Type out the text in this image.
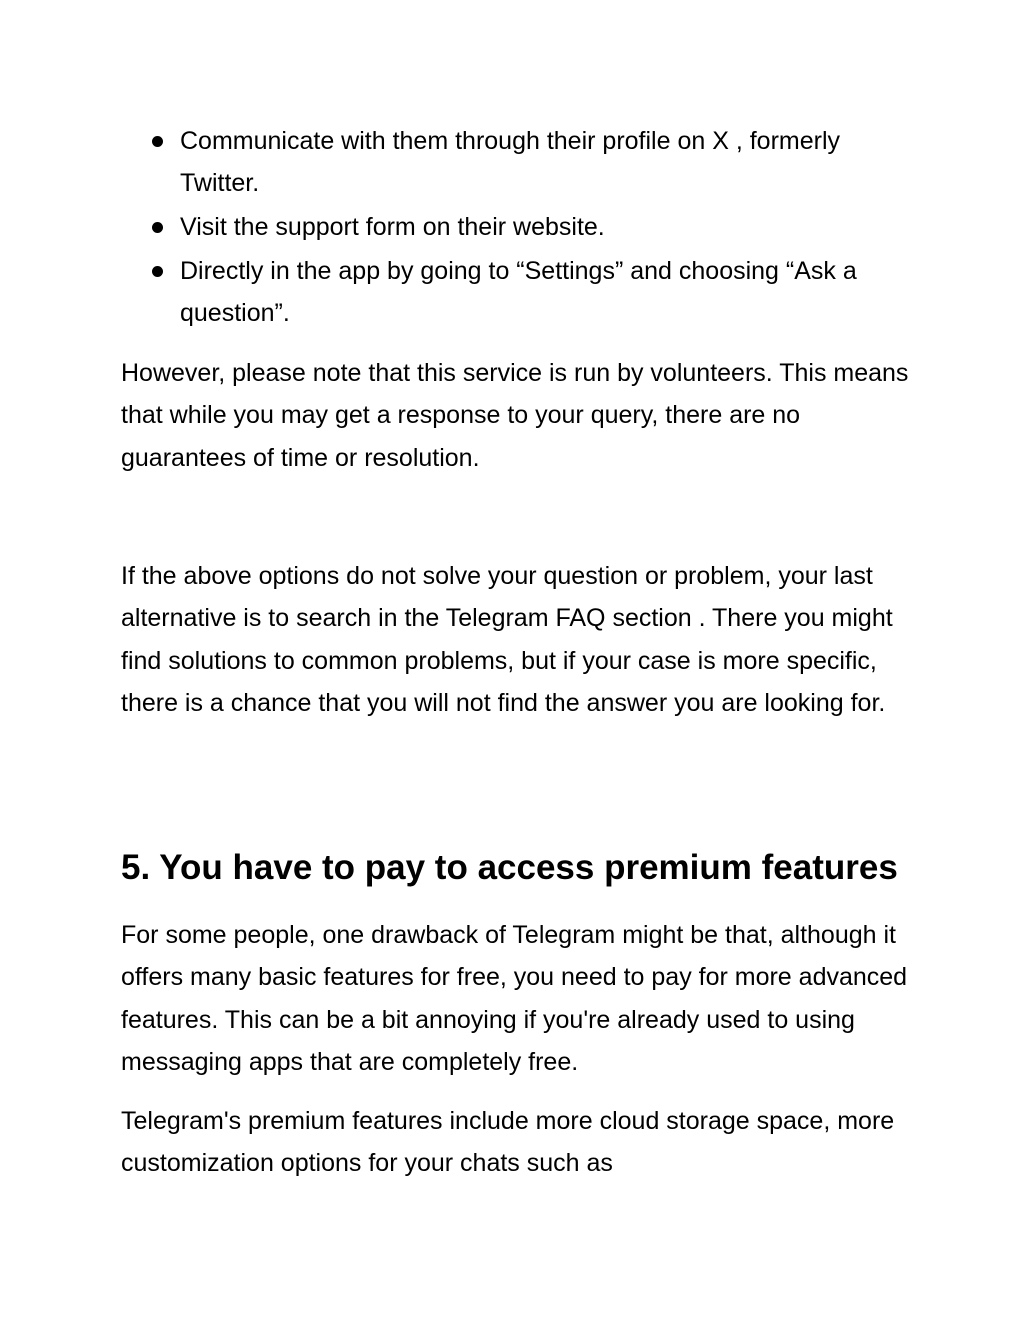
Communicate with them through their profile on X , formerly Twitter.
Visit the support form on their website.
Directly in the app by going to “Settings” and choosing “Ask a question”.

However, please note that this service is run by volunteers. This means that while you may get a response to your query, there are no guarantees of time or resolution.

If the above options do not solve your question or problem, your last alternative is to search in the Telegram FAQ section . There you might find solutions to common problems, but if your case is more specific, there is a chance that you will not find the answer you are looking for.

5. You have to pay to access premium features

For some people, one drawback of Telegram might be that, although it offers many basic features for free, you need to pay for more advanced features. This can be a bit annoying if you're already used to using messaging apps that are completely free.

Telegram's premium features include more cloud storage space, more customization options for your chats such as
